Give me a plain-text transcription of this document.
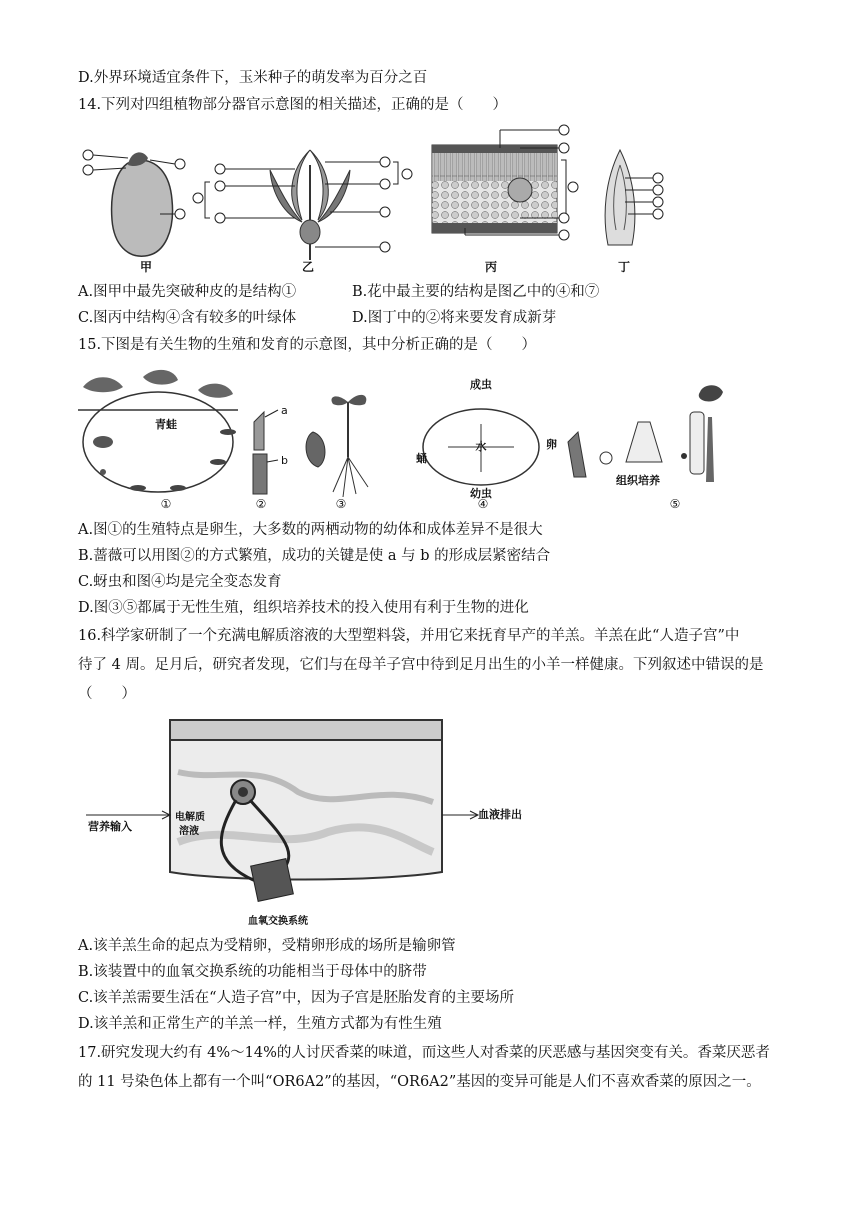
D.外界环境适宜条件下，玉米种子的萌发率为百分之百
14.下列对四组植物部分器官示意图的相关描述，正确的是（　　）
甲	乙	丙	丁
A.图甲中最先突破种皮的是结构①	B.花中最主要的结构是图乙中的④和⑦
C.图丙中结构④含有较多的叶绿体	D.图丁中的②将来要发育成新芽
15.下图是有关生物的生殖和发育的示意图，其中分析正确的是（　　）
青蛙
a
b
成虫
水	卵
幼虫
蛹
组织培养
①	②	③	④	⑤
A.图①的生殖特点是卵生，大多数的两栖动物的幼体和成体差异不是很大
B.蔷薇可以用图②的方式繁殖，成功的关键是使 a 与 b 的形成层紧密结合
C.蚜虫和图④均是完全变态发育
D.图③⑤都属于无性生殖，组织培养技术的投入使用有利于生物的进化
16.科学家研制了一个充满电解质溶液的大型塑料袋，并用它来抚育早产的羊羔。羊羔在此“人造子宫”中
待了 4 周。足月后，研究者发现，它们与在母羊子宫中待到足月出生的小羊一样健康。下列叙述中错误的是
（　　）
营养输入
血液排出
电解质
溶液
血氧交换系统
A.该羊羔生命的起点为受精卵，受精卵形成的场所是输卵管
B.该装置中的血氧交换系统的功能相当于母体中的脐带
C.该羊羔需要生活在“人造子宫”中，因为子宫是胚胎发育的主要场所
D.该羊羔和正常生产的羊羔一样，生殖方式都为有性生殖
17.研究发现大约有 4%～14%的人讨厌香菜的味道，而这些人对香菜的厌恶感与基因突变有关。香菜厌恶者
的 11 号染色体上都有一个叫“OR6A2”的基因，“OR6A2”基因的变异可能是人们不喜欢香菜的原因之一。
